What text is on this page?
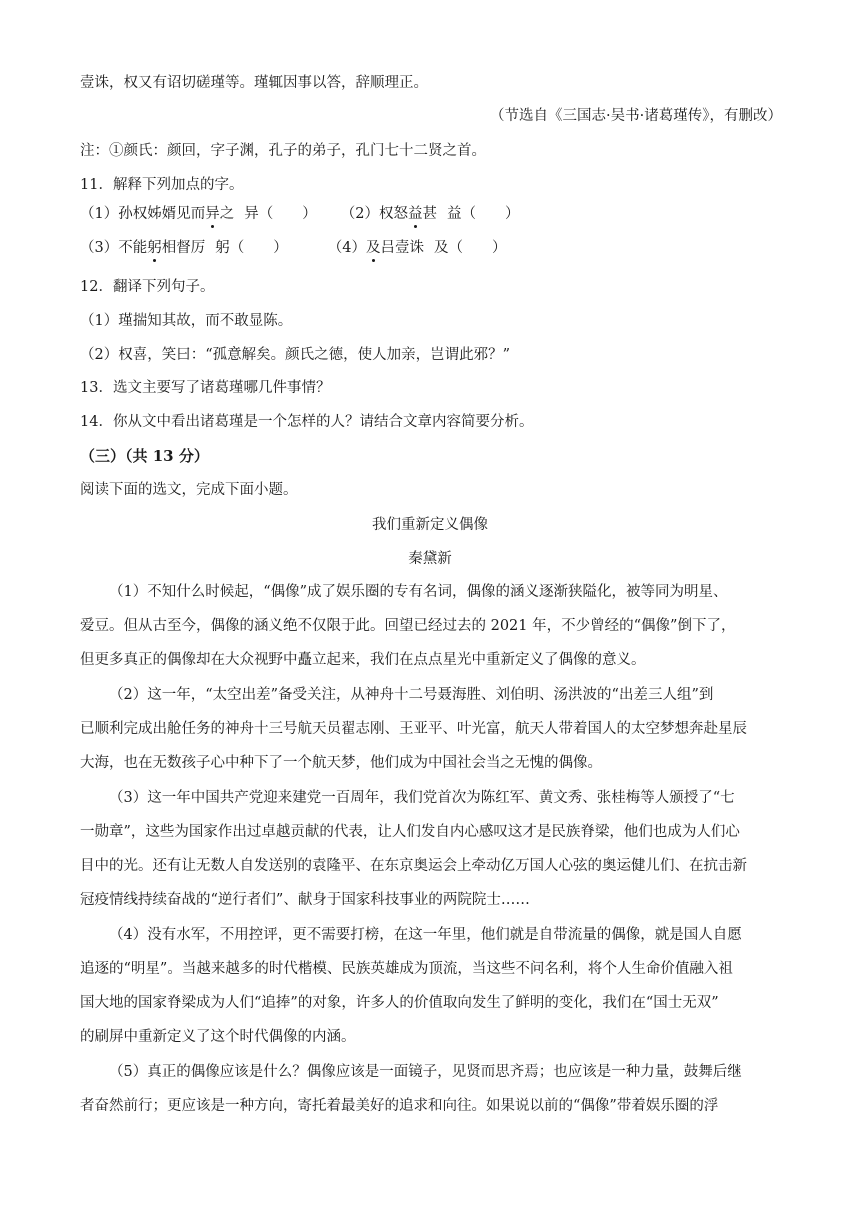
壹诛，权又有诏切磋瑾等。瑾辄因事以答，辞顺理正。
（节选自《三国志·吴书·诸葛瑾传》，有删改）
注：①颜氏：颜回，字子渊，孔子的弟子，孔门七十二贤之首。
11．解释下列加点的字。
（1）孙权姊婿见而异之 异（　　） （2）权怒益甚 益（　　）
（3）不能躬相督厉 躬（　　）	（4）及吕壹诛 及（　　）
12．翻译下列句子。
（1）瑾揣知其故，而不敢显陈。
（2）权喜，笑曰：“孤意解矣。颜氏之德，使人加亲，岂谓此邪？”
13．选文主要写了诸葛瑾哪几件事情？
14．你从文中看出诸葛瑾是一个怎样的人？请结合文章内容简要分析。
（三）（共 13 分）
阅读下面的选文，完成下面小题。
我们重新定义偶像
秦黛新
（1）不知什么时候起，“偶像”成了娱乐圈的专有名词，偶像的涵义逐渐狭隘化，被等同为明星、
爱豆。但从古至今，偶像的涵义绝不仅限于此。回望已经过去的 2021 年，不少曾经的“偶像”倒下了，
但更多真正的偶像却在大众视野中矗立起来，我们在点点星光中重新定义了偶像的意义。
（2）这一年，“太空出差”备受关注，从神舟十二号聂海胜、刘伯明、汤洪波的“出差三人组”到
已顺利完成出舱任务的神舟十三号航天员翟志刚、王亚平、叶光富，航天人带着国人的太空梦想奔赴星辰
大海，也在无数孩子心中种下了一个航天梦，他们成为中国社会当之无愧的偶像。
（3）这一年中国共产党迎来建党一百周年，我们党首次为陈红军、黄文秀、张桂梅等人颁授了“七
一勋章”，这些为国家作出过卓越贡献的代表，让人们发自内心感叹这才是民族脊梁，他们也成为人们心
目中的光。还有让无数人自发送别的袁隆平、在东京奥运会上牵动亿万国人心弦的奥运健儿们、在抗击新
冠疫情线持续奋战的“逆行者们”、献身于国家科技事业的两院院士……
（4）没有水军，不用控评，更不需要打榜，在这一年里，他们就是自带流量的偶像，就是国人自愿
追逐的“明星”。当越来越多的时代楷模、民族英雄成为顶流，当这些不问名利，将个人生命价值融入祖
国大地的国家脊梁成为人们“追捧”的对象，许多人的价值取向发生了鲜明的变化，我们在“国士无双”
的刷屏中重新定义了这个时代偶像的内涵。
（5）真正的偶像应该是什么？偶像应该是一面镜子，见贤而思齐焉；也应该是一种力量，鼓舞后继
者奋然前行；更应该是一种方向，寄托着最美好的追求和向往。如果说以前的“偶像”带着娱乐圈的浮
